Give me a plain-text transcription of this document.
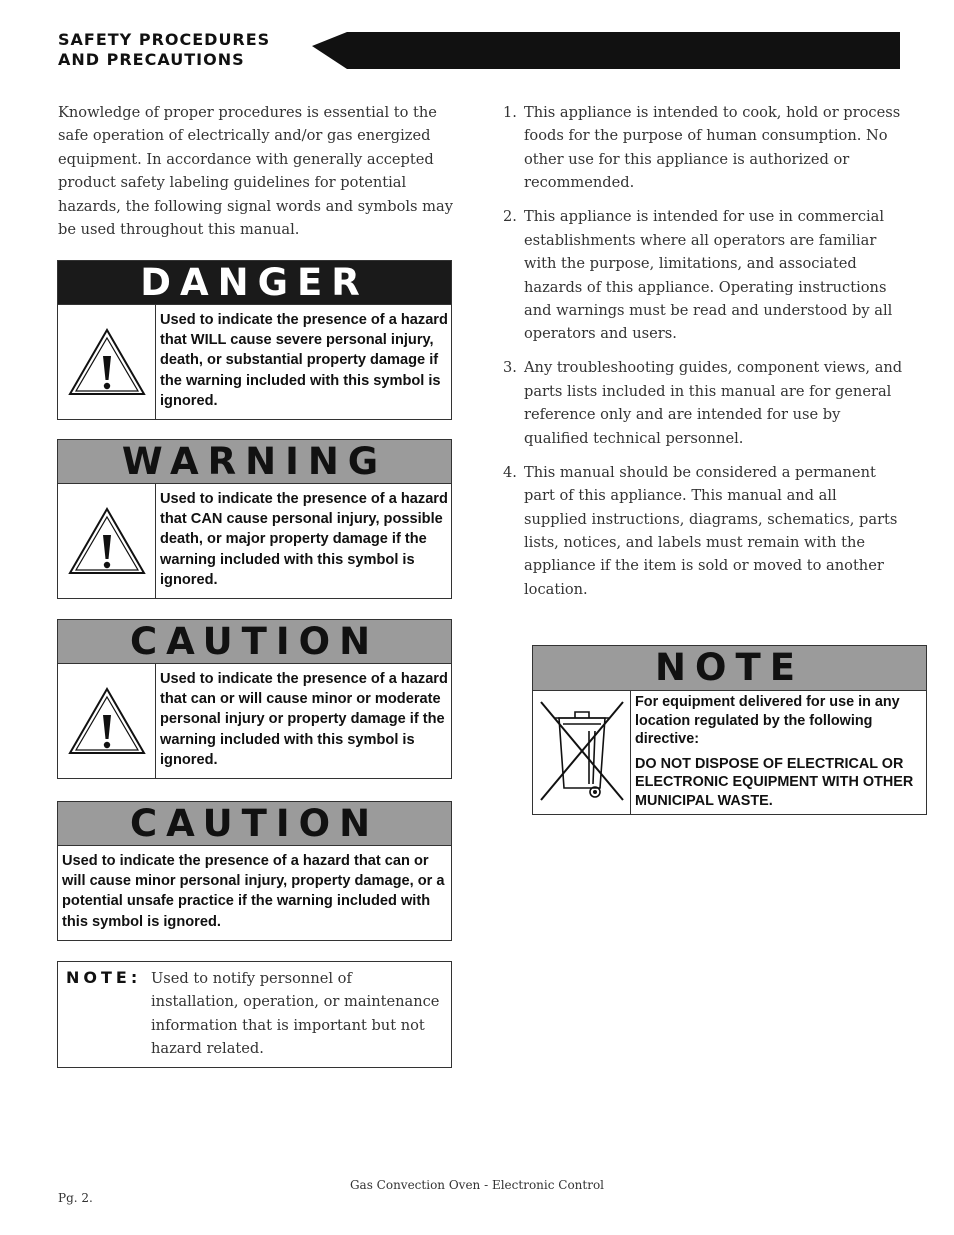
SAFETY PROCEDURES
AND PRECAUTIONS
Knowledge of proper procedures is essential to the safe operation of electrically and/or gas energized equipment. In accordance with generally accepted product safety labeling guidelines for potential hazards, the following signal words and symbols may be used throughout this manual.
DANGER
Used to indicate the presence of a hazard that WILL cause severe personal injury, death, or substantial property damage if the warning included with this symbol is ignored.
WARNING
Used to indicate the presence of a hazard that CAN cause personal injury, possible death, or major property damage if the warning included with this symbol is ignored.
CAUTION
Used to indicate the presence of a hazard that can or will cause minor or moderate personal injury or property damage if the warning included with this symbol is ignored.
CAUTION
Used to indicate the presence of a hazard that can or will cause minor personal injury, property damage, or a potential unsafe practice if the warning included with this symbol is ignored.
NOTE: Used to notify personnel of installation, operation, or maintenance information that is important but not hazard related.
1. This appliance is intended to cook, hold or process foods for the purpose of human consumption. No other use for this appliance is authorized or recommended.
2. This appliance is intended for use in commercial establishments where all operators are familiar with the purpose, limitations, and associated hazards of this appliance. Operating instructions and warnings must be read and understood by all operators and users.
3. Any troubleshooting guides, component views, and parts lists included in this manual are for general reference only and are intended for use by qualified technical personnel.
4. This manual should be considered a permanent part of this appliance. This manual and all supplied instructions, diagrams, schematics, parts lists, notices, and labels must remain with the appliance if the item is sold or moved to another location.
NOTE
For equipment delivered for use in any location regulated by the following directive:
DO NOT DISPOSE OF ELECTRICAL OR ELECTRONIC EQUIPMENT WITH OTHER MUNICIPAL WASTE.
Gas Convection Oven - Electronic Control
Pg. 2.
